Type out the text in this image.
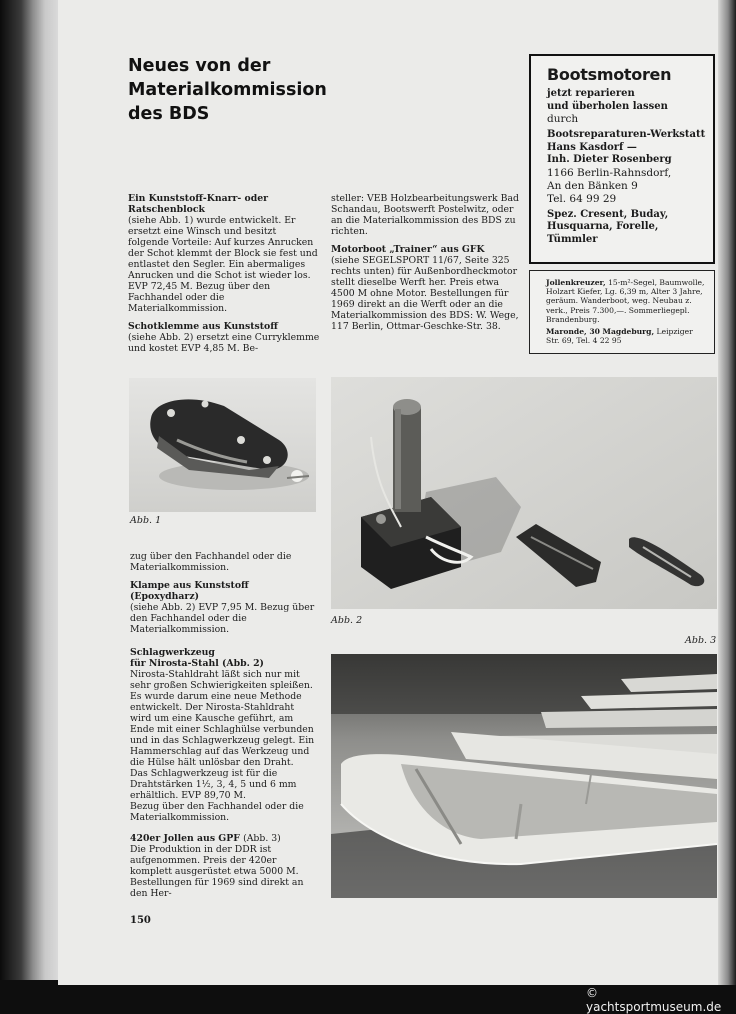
Neues von der Materialkommission
des BDS
Ein Kunststoff-Knarr- oder Ratschenblock

(siehe Abb. 1) wurde entwickelt. Er ersetzt eine Winsch und besitzt folgende Vorteile: Auf kurzes Anrucken der Schot klemmt der Block sie fest und entlastet den Segler. Ein abermaliges Anrucken und die Schot ist wieder los. EVP 72,45 M. Bezug über den Fachhandel oder die Materialkommission.

Schotklemme aus Kunststoff

(siehe Abb. 2) ersetzt eine Curryklemme und kostet EVP 4,85 M. Be-

steller: VEB Holzbearbeitungswerk Bad Schandau, Bootswerft Postelwitz, oder an die Materialkommission des BDS zu richten.

Motorboot „Trainer“ aus GFK

(siehe SEGELSPORT 11/67, Seite 325 rechts unten) für Außenbordheckmotor stellt dieselbe Werft her. Preis etwa 4500 M ohne Motor. Bestellungen für 1969 direkt an die Werft oder an die Materialkommission des BDS: W. Wege, 117 Berlin, Ottmar-Geschke-Str. 38.

Bootsmotoren
jetzt reparieren
und überholen lassen
durch
Bootsreparaturen-Werkstatt
Hans Kasdorf —
Inh. Dieter Rosenberg
1166 Berlin-Rahnsdorf,
An den Bänken 9
Tel. 64 99 29
Spez. Cresent, Buday,
Husquarna, Forelle,
Tümmler

Jollenkreuzer, 15-m²-Segel, Baumwolle, Holzart Kiefer, Lg. 6,39 m, Alter 3 Jahre, geräum. Wanderboot, weg. Neubau z. verk., Preis 7.300,—. Sommerliegepl. Brandenburg.

Maronde, 30 Magdeburg, Leipziger Str. 69, Tel. 4 22 95

Abb. 1
Abb. 2
Abb. 3

zug über den Fachhandel oder die Materialkommission.

Klampe aus Kunststoff (Epoxydharz)

(siehe Abb. 2) EVP 7,95 M. Bezug über den Fachhandel oder die Materialkommission.

Schlagwerkzeug
für Nirosta-Stahl (Abb. 2)

Nirosta-Stahldraht läßt sich nur mit sehr großen Schwierigkeiten spleißen. Es wurde darum eine neue Methode entwickelt. Der Nirosta-Stahldraht wird um eine Kausche geführt, am Ende mit einer Schlaghülse verbunden und in das Schlagwerkzeug gelegt. Ein Hammerschlag auf das Werkzeug und die Hülse hält unlösbar den Draht.

Das Schlagwerkzeug ist für die Drahtstärken 1½, 3, 4, 5 und 6 mm erhältlich. EVP 89,70 M.

Bezug über den Fachhandel oder die Materialkommission.

420er Jollen aus GPF (Abb. 3)

Die Produktion in der DDR ist aufgenommen. Preis der 420er komplett ausgerüstet etwa 5000 M. Bestellungen für 1969 sind direkt an den Her-

150
© yachtsportmuseum.de
